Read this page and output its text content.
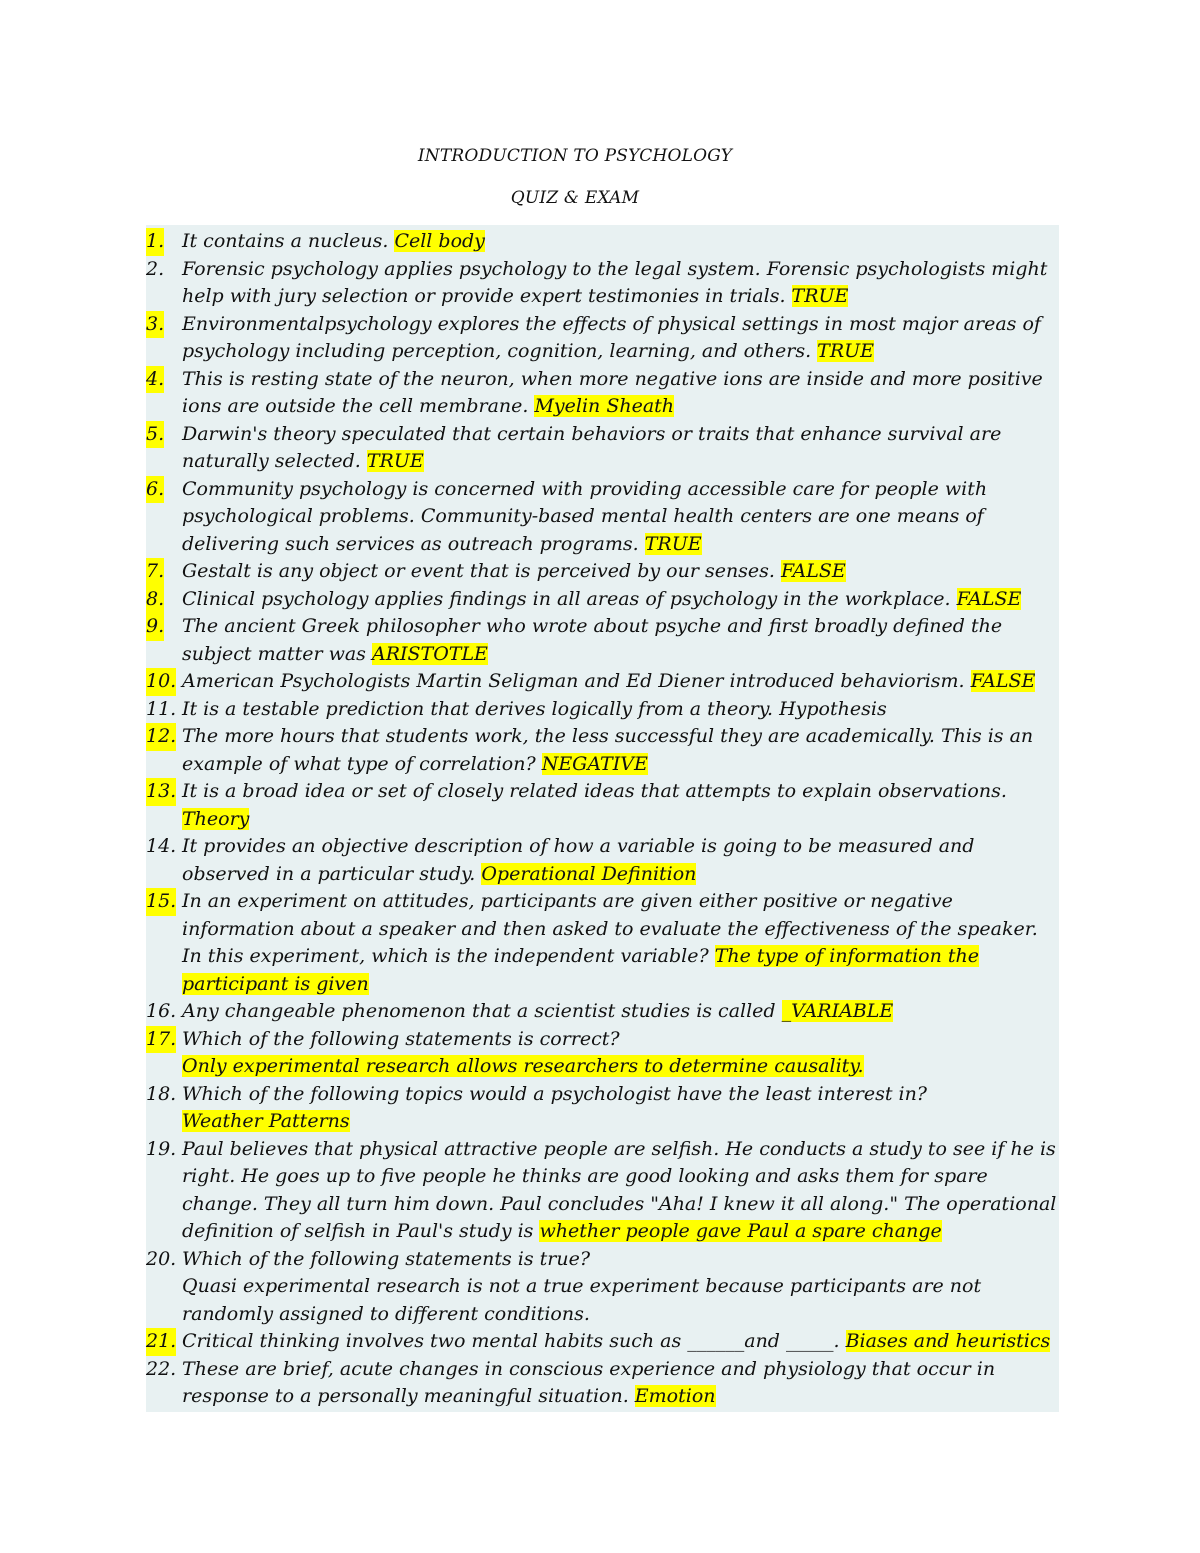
INTRODUCTION TO PSYCHOLOGY
QUIZ & EXAM
1. It contains a nucleus. Cell body
2. Forensic psychology applies psychology to the legal system. Forensic psychologists might
help with jury selection or provide expert testimonies in trials. TRUE
3. Environmentalpsychology explores the effects of physical settings in most major areas of
psychology including perception, cognition, learning, and others. TRUE
4. This is resting state of the neuron, when more negative ions are inside and more positive
ions are outside the cell membrane. Myelin Sheath
5. Darwin's theory speculated that certain behaviors or traits that enhance survival are
naturally selected. TRUE
6. Community psychology is concerned with providing accessible care for people with
psychological problems. Community-based mental health centers are one means of
delivering such services as outreach programs. TRUE
7. Gestalt is any object or event that is perceived by our senses. FALSE
8. Clinical psychology applies findings in all areas of psychology in the workplace. FALSE
9. The ancient Greek philosopher who wrote about psyche and first broadly defined the
subject matter was ARISTOTLE
10. American Psychologists Martin Seligman and Ed Diener introduced behaviorism. FALSE
11. It is a testable prediction that derives logically from a theory. Hypothesis
12. The more hours that students work, the less successful they are academically. This is an
example of what type of correlation? NEGATIVE
13. It is a broad idea or set of closely related ideas that attempts to explain observations.
Theory
14. It provides an objective description of how a variable is going to be measured and
observed in a particular study. Operational Definition
15. In an experiment on attitudes, participants are given either positive or negative
information about a speaker and then asked to evaluate the effectiveness of the speaker.
In this experiment, which is the independent variable? The type of information the
participant is given
16. Any changeable phenomenon that a scientist studies is called _VARIABLE
17. Which of the following statements is correct?
Only experimental research allows researchers to determine causality.
18. Which of the following topics would a psychologist have the least interest in?
Weather Patterns
19. Paul believes that physical attractive people are selfish. He conducts a study to see if he is
right. He goes up to five people he thinks are good looking and asks them for spare
change. They all turn him down. Paul concludes "Aha! I knew it all along." The operational
definition of selfish in Paul's study is whether people gave Paul a spare change
20. Which of the following statements is true?
Quasi experimental research is not a true experiment because participants are not
randomly assigned to different conditions.
21. Critical thinking involves two mental habits such as ______and _____. Biases and heuristics
22. These are brief, acute changes in conscious experience and physiology that occur in
response to a personally meaningful situation. Emotion
